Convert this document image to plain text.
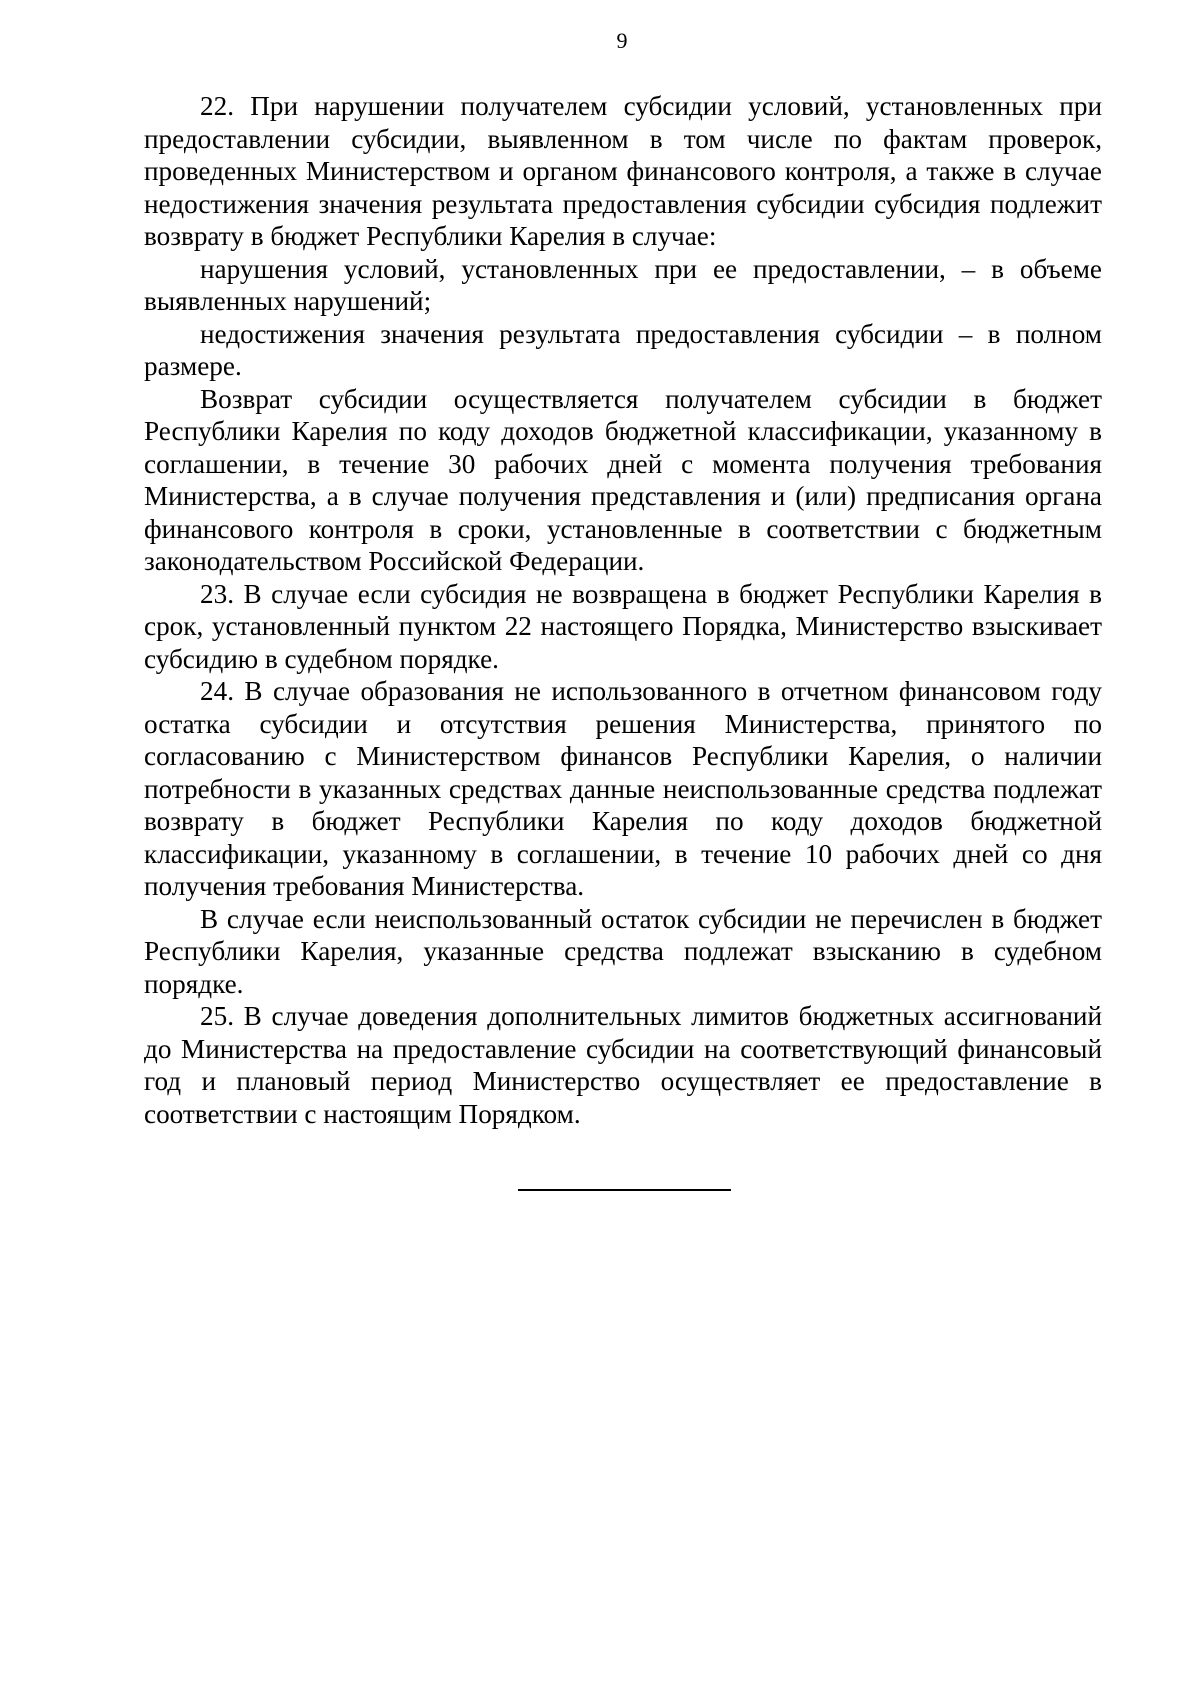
9

22. При нарушении получателем субсидии условий, установленных при предоставлении субсидии, выявленном в том числе по фактам проверок, проведенных Министерством и органом финансового контроля, а также в случае недостижения значения результата предоставления субсидии субсидия подлежит возврату в бюджет Республики Карелия в случае:

нарушения условий, установленных при ее предоставлении, – в объеме выявленных нарушений;

недостижения значения результата предоставления субсидии – в полном размере.

Возврат субсидии осуществляется получателем субсидии в бюджет Республики Карелия по коду доходов бюджетной классификации, указанному в соглашении, в течение 30 рабочих дней с момента получения требования Министерства, а в случае получения представления и (или) предписания органа финансового контроля в сроки, установленные в соответствии с бюджетным законодательством Российской Федерации.

23. В случае если субсидия не возвращена в бюджет Республики Карелия в срок, установленный пунктом 22 настоящего Порядка, Министерство взыскивает субсидию в судебном порядке.

24. В случае образования не использованного в отчетном финансовом году остатка субсидии и отсутствия решения Министерства, принятого по согласованию с Министерством финансов Республики Карелия, о наличии потребности в указанных средствах данные неиспользованные средства подлежат возврату в бюджет Республики Карелия по коду доходов бюджетной классификации, указанному в соглашении, в течение 10 рабочих дней со дня получения требования Министерства.

В случае если неиспользованный остаток субсидии не перечислен в бюджет Республики Карелия, указанные средства подлежат взысканию в судебном порядке.

25. В случае доведения дополнительных лимитов бюджетных ассигнований до Министерства на предоставление субсидии на соответствующий финансовый год и плановый период Министерство осуществляет ее предоставление в соответствии с настоящим Порядком.
